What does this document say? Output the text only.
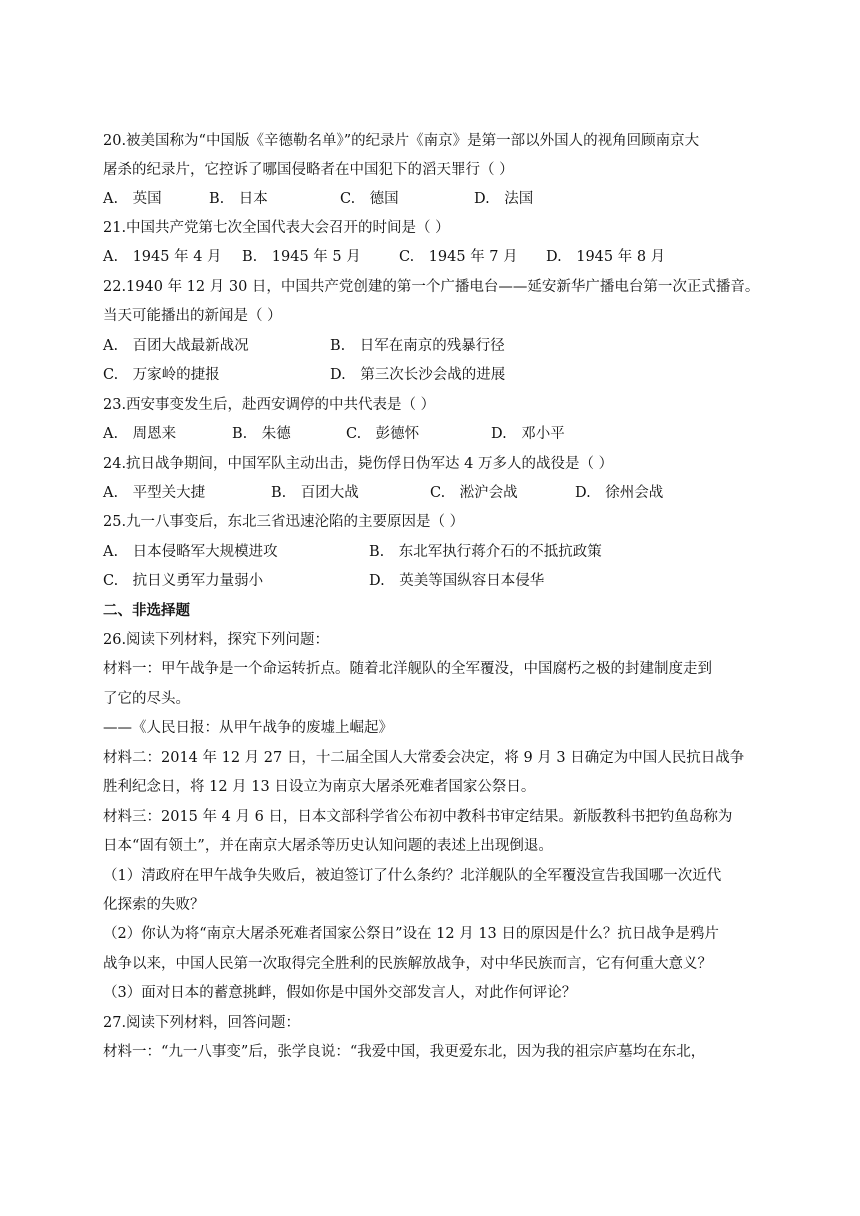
20.被美国称为“中国版《辛德勒名单》”的纪录片《南京》是第一部以外国人的视角回顾南京大
屠杀的纪录片，它控诉了哪国侵略者在中国犯下的滔天罪行（ ）
A.　英国	B.　日本	C.　德国	D.　法国
21.中国共产党第七次全国代表大会召开的时间是（ ）
A.　1945 年 4 月 B.　1945 年 5 月	C.　1945 年 7 月 D.　1945 年 8 月
22.1940 年 12 月 30 日，中国共产党创建的第一个广播电台——延安新华广播电台第一次正式播音。
当天可能播出的新闻是（ ）
A.　百团大战最新战况	B.　日军在南京的残暴行径
C.　万家岭的捷报	D.　第三次长沙会战的进展
23.西安事变发生后，赴西安调停的中共代表是（ ）
A.　周恩来	B.　朱德	C.　彭德怀	D.　邓小平
24.抗日战争期间，中国军队主动出击，毙伤俘日伪军达 4 万多人的战役是（ ）
A.　平型关大捷	B.　百团大战	C.　淞沪会战	D.　徐州会战
25.九一八事变后，东北三省迅速沦陷的主要原因是（ ）
A.　日本侵略军大规模进攻	B.　东北军执行蒋介石的不抵抗政策
C.　抗日义勇军力量弱小	D.　英美等国纵容日本侵华
二、非选择题
26.阅读下列材料，探究下列问题：
材料一：甲午战争是一个命运转折点。随着北洋舰队的全军覆没，中国腐朽之极的封建制度走到
了它的尽头。
——《人民日报：从甲午战争的废墟上崛起》
材料二：2014 年 12 月 27 日，十二届全国人大常委会决定，将 9 月 3 日确定为中国人民抗日战争
胜利纪念日，将 12 月 13 日设立为南京大屠杀死难者国家公祭日。
材料三：2015 年 4 月 6 日，日本文部科学省公布初中教科书审定结果。新版教科书把钓鱼岛称为
日本“固有领土”，并在南京大屠杀等历史认知问题的表述上出现倒退。
（1）清政府在甲午战争失败后，被迫签订了什么条约？北洋舰队的全军覆没宣告我国哪一次近代
化探索的失败？
（2）你认为将“南京大屠杀死难者国家公祭日”设在 12 月 13 日的原因是什么？抗日战争是鸦片
战争以来，中国人民第一次取得完全胜利的民族解放战争，对中华民族而言，它有何重大意义？
（3）面对日本的蓄意挑衅，假如你是中国外交部发言人，对此作何评论？
27.阅读下列材料，回答问题：
材料一：“九一八事变”后，张学良说：“我爱中国，我更爱东北，因为我的祖宗庐墓均在东北，
